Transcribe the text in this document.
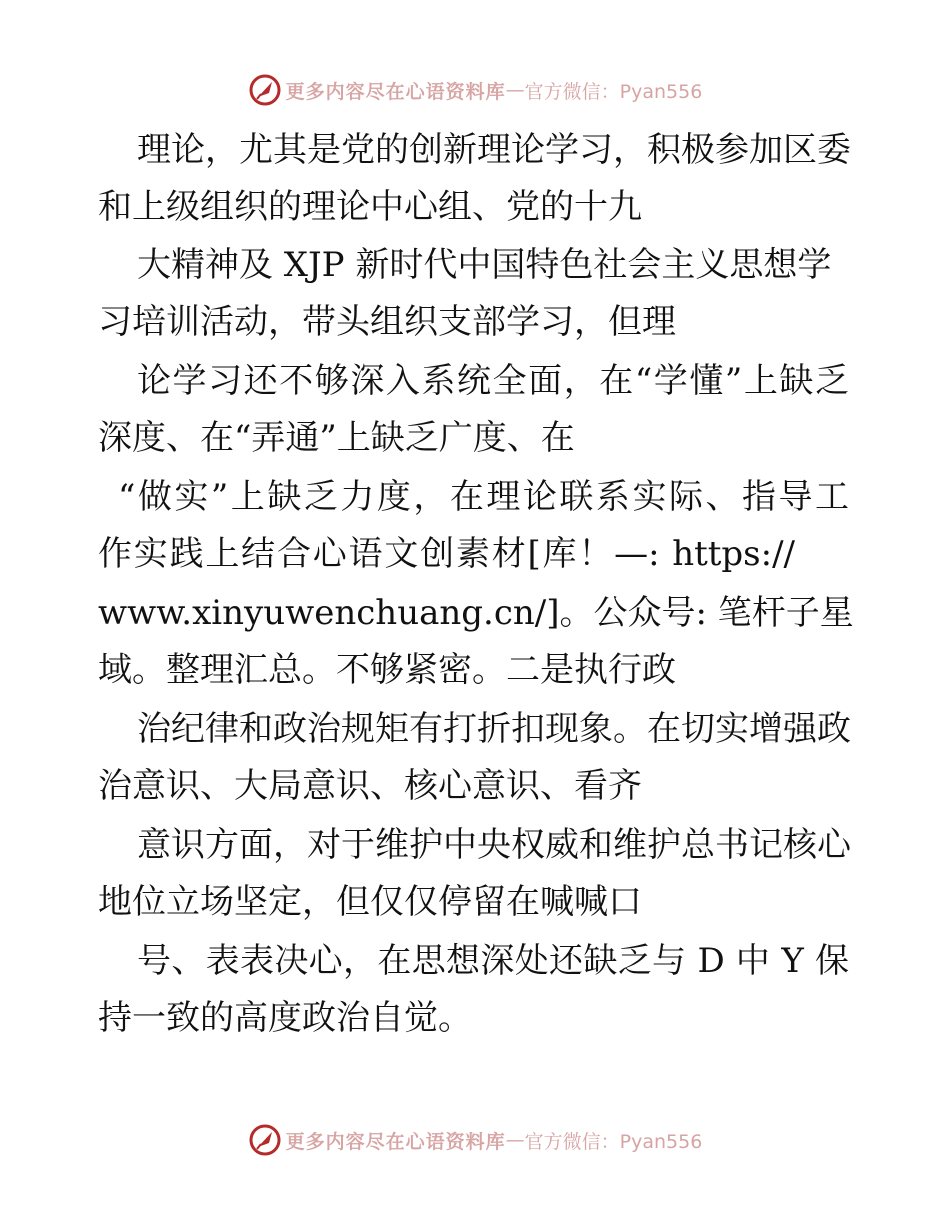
更多内容尽在心语资料库 — 官方微信：Pyan556
理论，尤其是党的创新理论学习，积极参加区委
和上级组织的理论中心组、党的十九
大精神及 XJP 新时代中国特色社会主义思想学
习培训活动，带头组织支部学习，但理
论学习还不够深入系统全面，在“学懂”上缺乏
深度、在“弄通”上缺乏广度、在
“做实”上缺乏力度，在理论联系实际、指导工
作实践上结合心语文创素材[库！—: https://
www.xinyuwenchuang.cn/]。公众号: 笔杆子星
域。整理汇总。不够紧密。二是执行政
治纪律和政治规矩有打折扣现象。在切实增强政
治意识、大局意识、核心意识、看齐
意识方面，对于维护中央权威和维护总书记核心
地位立场坚定，但仅仅停留在喊喊口
号、表表决心，在思想深处还缺乏与 D 中 Y 保
持一致的高度政治自觉。
更多内容尽在心语资料库 — 官方微信：Pyan556
